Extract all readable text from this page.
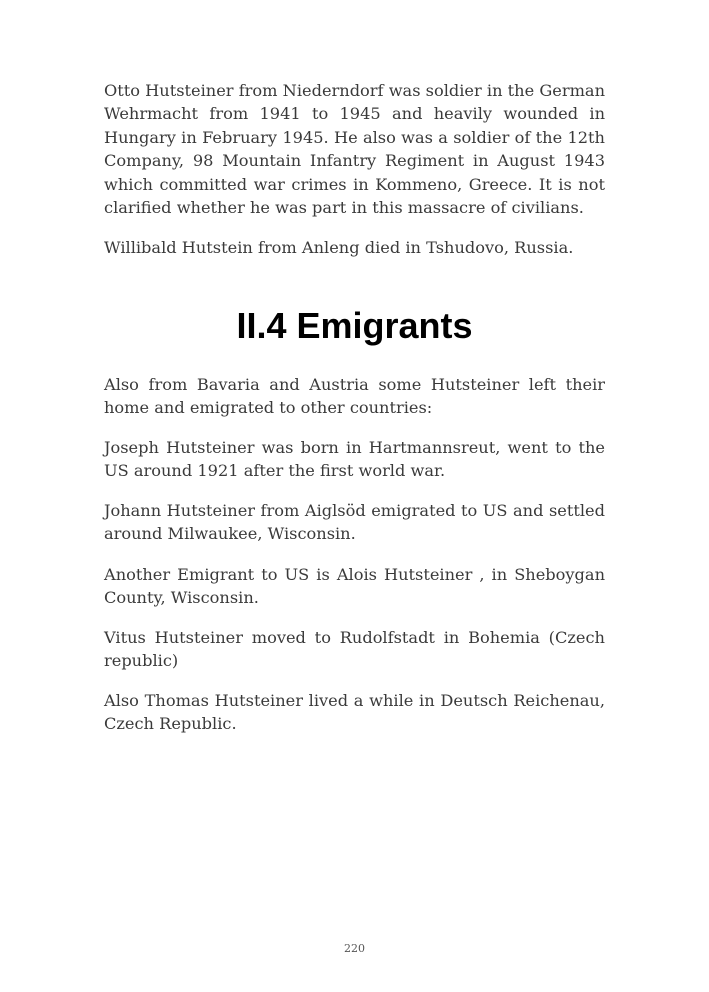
Otto Hutsteiner from Niederndorf was soldier in the German Wehrmacht from 1941 to 1945 and heavily wounded in Hungary in February 1945. He also was a soldier of the 12th Company, 98 Mountain Infantry Regiment in August 1943 which committed war crimes in Kommeno, Greece. It is not clarified whether he was part in this massacre of civilians.

Willibald Hutstein from Anleng died in Tshudovo, Russia.

II.4 Emigrants

Also from Bavaria and Austria some Hutsteiner left their home and emigrated to other countries:

Joseph Hutsteiner was born in Hartmannsreut, went to the US around 1921 after the first world war.

Johann Hutsteiner from Aiglsöd emigrated to US and settled around Milwaukee, Wisconsin.

Another Emigrant to US is Alois Hutsteiner , in Sheboygan County, Wisconsin.

Vitus Hutsteiner moved to Rudolfstadt in Bohemia (Czech republic)

Also Thomas Hutsteiner lived a while in Deutsch Reichenau, Czech Republic.

220
